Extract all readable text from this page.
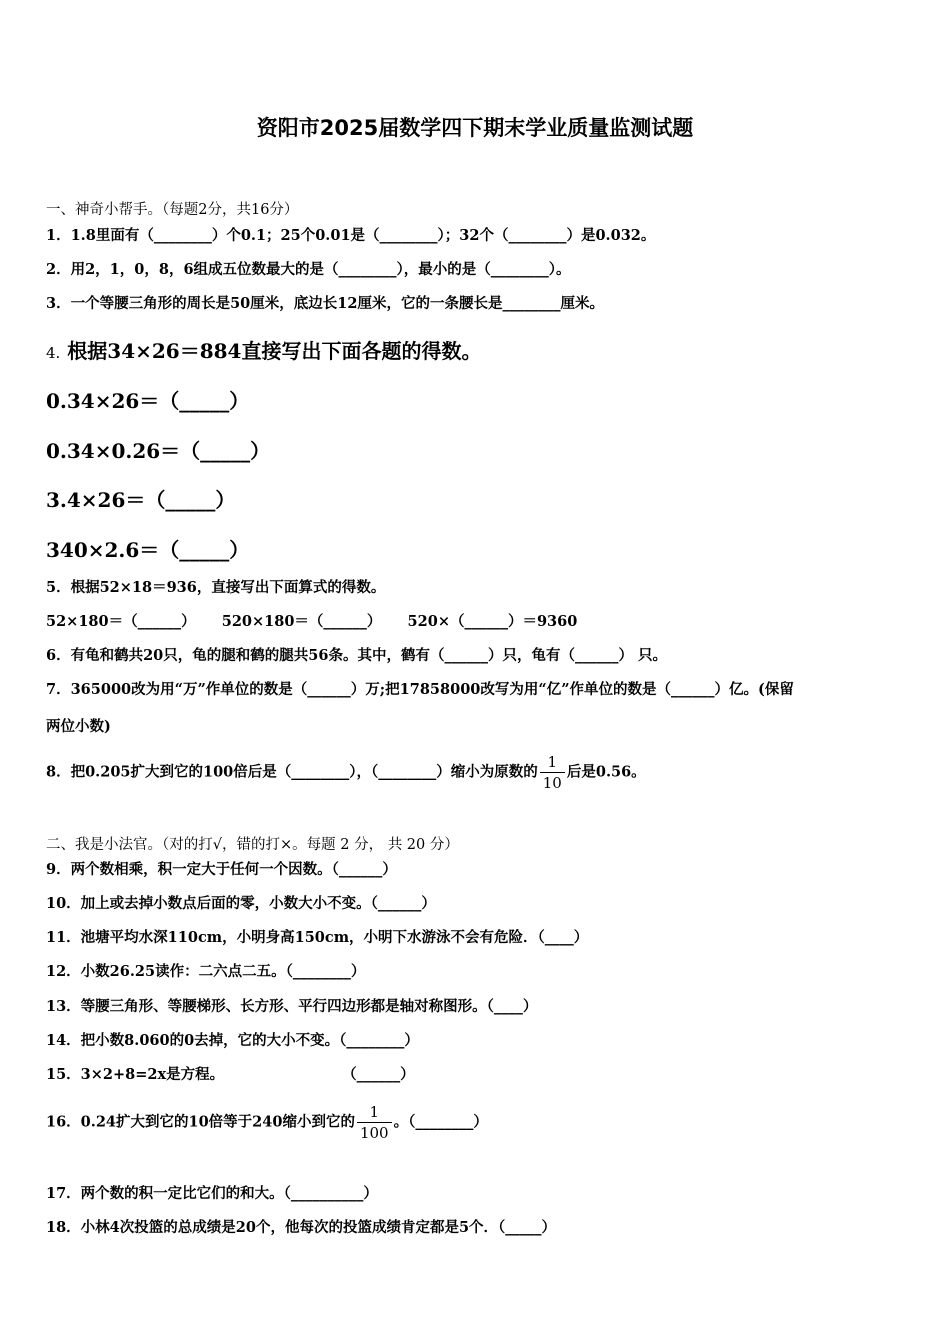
资阳市2025届数学四下期末学业质量监测试题
一、神奇小帮手。（每题2分，共16分）
1．1.8里面有（________）个0.1；25个0.01是（________）；32个（________）是0.032。
2．用2，1，0，8，6组成五位数最大的是（________），最小的是（________）。
3．一个等腰三角形的周长是50厘米，底边长12厘米，它的一条腰长是________厘米。
4. 根据34×26＝884直接写出下面各题的得数。
0.34×26＝（_____）
0.34×0.26＝（_____）
3.4×26＝（_____）
340×2.6＝（_____）
5．根据52×18＝936，直接写出下面算式的得数。
52×180＝（______） 520×180＝（______） 520×（______）＝9360
6．有龟和鹤共20只，龟的腿和鹤的腿共56条。其中，鹤有（______）只，龟有（______） 只。
7．365000改为用“万”作单位的数是（______）万;把17858000改写为用“亿”作单位的数是（______）亿。(保留
两位小数)
8．把0.205扩大到它的100倍后是（________），（________）缩小为原数的 $\frac{1}{10}$ 后是0.56。
二、我是小法官。（对的打√，错的打×。每题 2 分， 共 20 分）
9．两个数相乘，积一定大于任何一个因数。（______）
10．加上或去掉小数点后面的零，小数大小不变。（______）
11．池塘平均水深110cm，小明身高150cm，小明下水游泳不会有危险．（____）
12．小数26.25读作：二六点二五。（________）
13．等腰三角形、等腰梯形、长方形、平行四边形都是轴对称图形。（____）
14．把小数8.060的0去掉，它的大小不变。（________）
15．3×2+8=2x是方程。	（______）
16．0.24扩大到它的10倍等于240缩小到它的 $\frac{1}{100}$ 。（________）
17．两个数的积一定比它们的和大。（__________）
18．小林4次投篮的总成绩是20个，他每次的投篮成绩肯定都是5个．（_____）
